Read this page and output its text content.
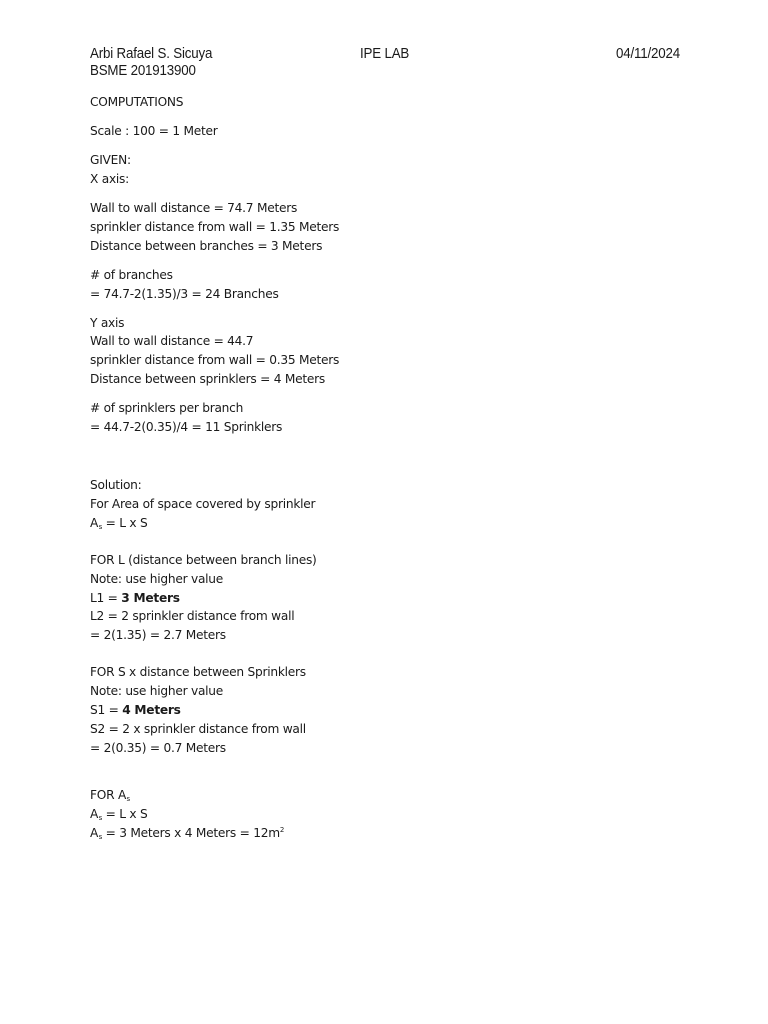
Arbi Rafael S. Sicuya
BSME 201913900
IPE LAB	04/11/2024
COMPUTATIONS
Scale : 100 = 1 Meter
GIVEN:
X axis:
Wall to wall distance = 74.7 Meters
sprinkler distance from wall = 1.35 Meters
Distance between branches = 3 Meters
# of branches
= 74.7-2(1.35)/3 = 24 Branches
Y axis
Wall to wall distance = 44.7
sprinkler distance from wall = 0.35 Meters
Distance between sprinklers = 4 Meters
# of sprinklers per branch
= 44.7-2(0.35)/4 = 11 Sprinklers
Solution:
For Area of space covered by sprinkler
$A_s = L$ x S
FOR L (distance between branch lines)
Note: use higher value
L1 = 3 Meters
L2 = 2 sprinkler distance from wall
= 2(1.35) = 2.7 Meters
FOR S x distance between Sprinklers
Note: use higher value
S1 = 4 Meters
S2 = 2 x sprinkler distance from wall
= 2(0.35) = 0.7 Meters
FOR $A_s$
$A_s = L$ x S
$A_s = 3$ Meters x 4 Meters = $12m^2$
